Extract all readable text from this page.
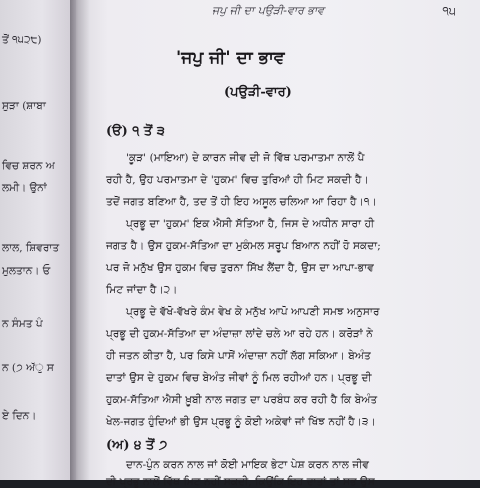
ਤੋਂ ੧੫੨੮)
ਸੁੜਾ (ਸ਼ਾਬਾ
ਵਿਚ ਸ਼ਰਨ ਅ
ਲਮੀ। ਉਨਾਂ
ਲਾਲ, ਸ਼ਿਵਰਾਤ
ਮੁਲਤਾਨ। ਓ
ਨ ਸੰਮਤ ਪੰ
ਨ (੭ ਅੱੁ ਸ
ਏ ਦਿਨ।
ਜਪੁ ਜੀ ਦਾ ਪਉੜੀ-ਵਾਰ ਭਾਵ	੧੫
'ਜਪੁ ਜੀ' ਦਾ ਭਾਵ
(ਪਉੜੀ-ਵਾਰ)
(ੳ) ੧ ਤੋਂ ੩
'ਕੂੜ' (ਮਾਇਆ) ਦੇ ਕਾਰਨ ਜੀਵ ਦੀ ਜੋ ਵਿੱਥ ਪਰਮਾਤਮਾ ਨਾਲੋਂ ਪੈ
ਰਹੀ ਹੈ, ਉਹ ਪਰਮਾਤਮਾ ਦੇ 'ਹੁਕਮ' ਵਿਚ ਤੁਰਿਆਂ ਹੀ ਮਿਟ ਸਕਦੀ ਹੈ।
ਤਦੋਂ ਜਗਤ ਬਣਿਆ ਹੈ, ਤਦ ਤੋਂ ਹੀ ਇਹ ਅਸੂਲ ਚਲਿਆ ਆ ਰਿਹਾ ਹੈ।੧।
ਪ੍ਰਭੂ ਦਾ 'ਹੁਕਮ' ਇਕ ਐਸੀ ਸੱਤਿਆ ਹੈ, ਜਿਸ ਦੇ ਅਧੀਨ ਸਾਰਾ ਹੀ
ਜਗਤ ਹੈ। ਉਸ ਹੁਕਮ-ਸੱਤਿਆ ਦਾ ਮੁਕੰਮਲ ਸਰੂਪ ਬਿਆਨ ਨਹੀਂ ਹੋ ਸਕਦਾ;
ਪਰ ਜੋ ਮਨੁੱਖ ਉਸ ਹੁਕਮ ਵਿਚ ਤੁਰਨਾ ਸਿੱਖ ਲੈਂਦਾ ਹੈ, ਉਸ ਦਾ ਆਪਾ-ਭਾਵ
ਮਿਟ ਜਾਂਦਾ ਹੈ।੨।
ਪ੍ਰਭੂ ਦੇ ਵੱਖੋ-ਵੱਖਰੇ ਕੰਮ ਵੇਖ ਕੇ ਮਨੁੱਖ ਆਪੋ ਆਪਣੀ ਸਮਝ ਅਨੁਸਾਰ
ਪ੍ਰਭੂ ਦੀ ਹੁਕਮ-ਸੱਤਿਆ ਦਾ ਅੰਦਾਜ਼ਾ ਲਾਂਦੇ ਚਲੇ ਆ ਰਹੇ ਹਨ। ਕਰੋੜਾਂ ਨੇ
ਹੀ ਜਤਨ ਕੀਤਾ ਹੈ, ਪਰ ਕਿਸੇ ਪਾਸੋਂ ਅੰਦਾਜ਼ਾ ਨਹੀਂ ਲੱਗ ਸਕਿਆ। ਬੇਅੰਤ
ਦਾਤਾਂ ਉਸ ਦੇ ਹੁਕਮ ਵਿਚ ਬੇਅੰਤ ਜੀਵਾਂ ਨੂੰ ਮਿਲ ਰਹੀਆਂ ਹਨ। ਪ੍ਰਭੂ ਦੀ
ਹੁਕਮ-ਸੱਤਿਆ ਐਸੀ ਖ਼ੂਬੀ ਨਾਲ ਜਗਤ ਦਾ ਪਰਬੰਧ ਕਰ ਰਹੀ ਹੈ ਕਿ ਬੇਅੰਤ
ਖੇਲ-ਜਗਤ ਹੁੰਦਿਆਂ ਭੀ ਉਸ ਪ੍ਰਭੂ ਨੂੰ ਕੋਈ ਅਕੇਵਾਂ ਜਾਂ ਖਿੱਝ ਨਹੀਂ ਹੈ।੩।
(ਅ) ੪ ਤੋਂ ੭
ਦਾਨ-ਪੁੰਨ ਕਰਨ ਨਾਲ ਜਾਂ ਕੋਈ ਮਾਇਕ ਭੇਟਾ ਪੇਸ਼ ਕਰਨ ਨਾਲ ਜੀਵ
ਦੀ ਪ੍ਰਭੂ ਨਾਲੋਂ ਵਿੱਥ ਮਿਟ ਨਹੀਂ ਸਕਦੀ, ਕਿਉਂਕਿ ਇਹ ਦਾਤਾਂ ਤਾਂ ਸਭ ਉਸ
